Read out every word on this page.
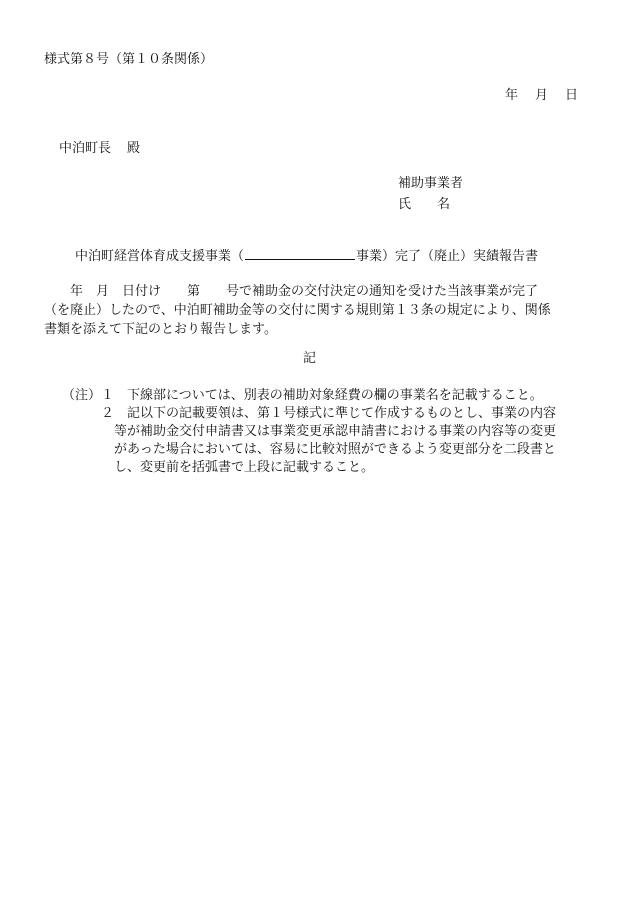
様式第８号（第１０条関係）
年　月　日
中泊町長 殿
補助事業者
氏　　名
中泊町経営体育成支援事業（	事業）完了（廃止）実績報告書
　　年　月　日付け　　第　　号で補助金の交付決定の通知を受けた当該事業が完了
（を廃止）したので、中泊町補助金等の交付に関する規則第１３条の規定により、関係
書類を添えて下記のとおり報告します。
記
（注）１　下線部については、別表の補助対象経費の欄の事業名を記載すること。
　　　２　記以下の記載要領は、第１号様式に準じて作成するものとし、事業の内容
　　　　等が補助金交付申請書又は事業変更承認申請書における事業の内容等の変更
　　　　があった場合においては、容易に比較対照ができるよう変更部分を二段書と
　　　　し、変更前を括弧書で上段に記載すること。
